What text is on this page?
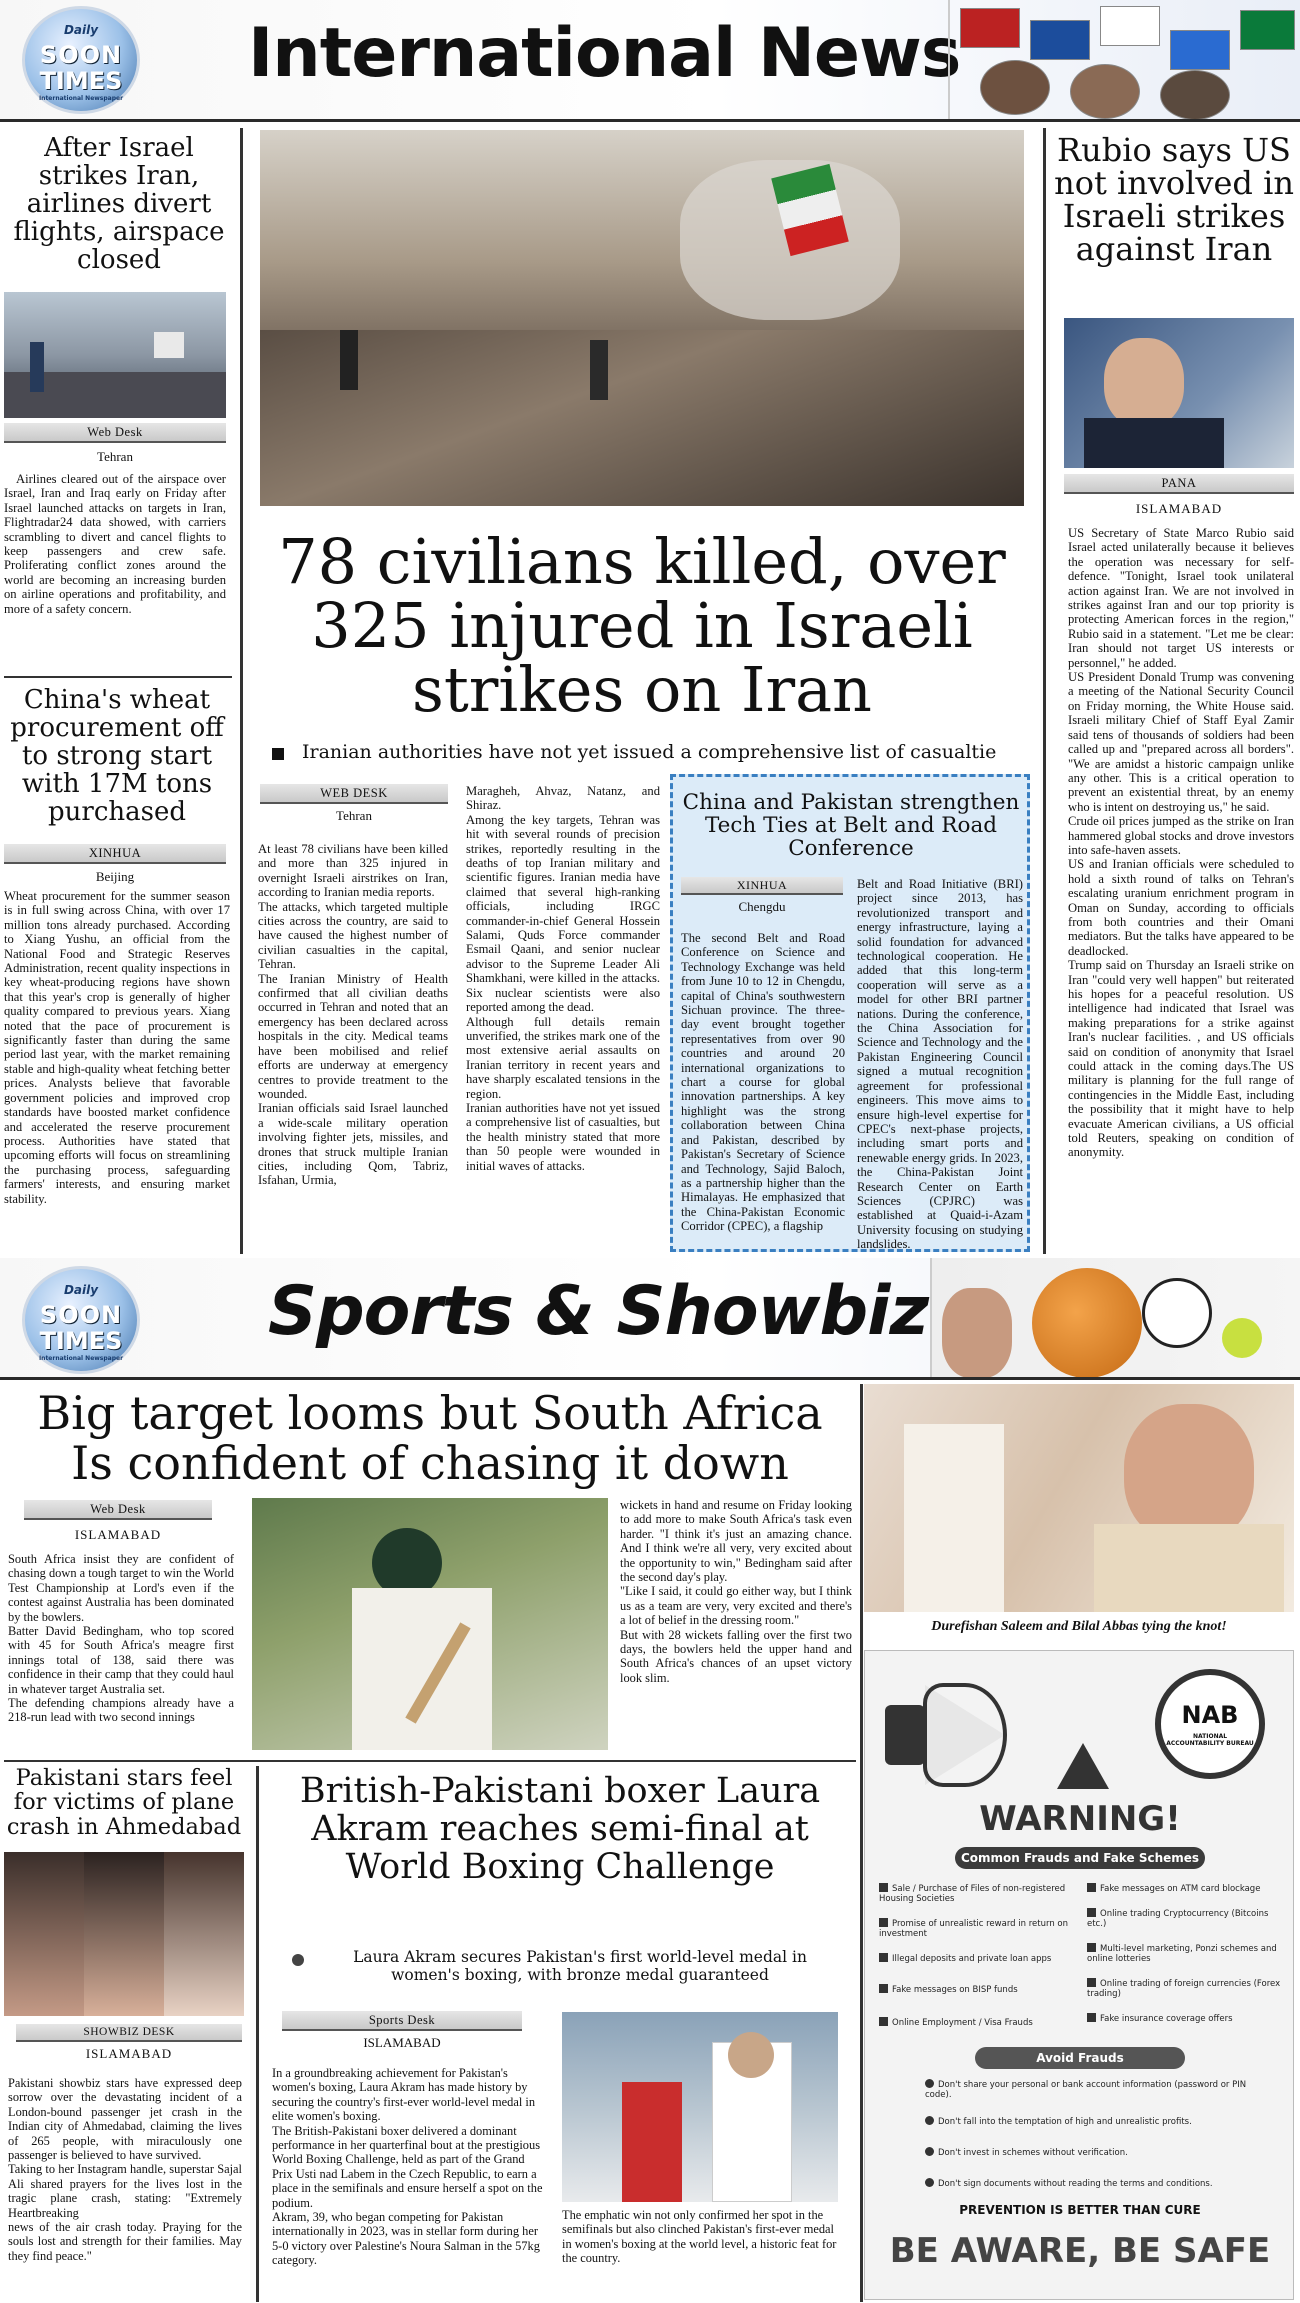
Daily
SOON
TIMES
International Newspaper
International News
After Israel strikes Iran, airlines divert flights, airspace closed
Web Desk
Tehran
Airlines cleared out of the airspace over Israel, Iran and Iraq early on Friday after Israel launched attacks on targets in Iran, Flightradar24 data showed, with carriers scrambling to divert and cancel flights to keep passengers and crew safe. Proliferating conflict zones around the world are becoming an increasing burden on airline operations and profitability, and more of a safety concern.
China's wheat procurement off to strong start with 17M tons purchased
XINHUA
Beijing
Wheat procurement for the summer season is in full swing across China, with over 17 million tons already purchased. According to Xiang Yushu, an official from the National Food and Strategic Reserves Administration, recent quality inspections in key wheat-producing regions have shown that this year's crop is generally of higher quality compared to previous years. Xiang noted that the pace of procurement is significantly faster than during the same period last year, with the market remaining stable and high-quality wheat fetching better prices. Analysts believe that favorable government policies and improved crop standards have boosted market confidence and accelerated the reserve procurement process. Authorities have stated that upcoming efforts will focus on streamlining the purchasing process, safeguarding farmers' interests, and ensuring market stability.
78 civilians killed, over 325 injured in Israeli strikes on Iran
Iranian authorities have not yet issued a comprehensive list of casualtie
WEB DESK
Tehran
At least 78 civilians have been killed and more than 325 injured in overnight Israeli airstrikes on Iran, according to Iranian media reports.
The attacks, which targeted multiple cities across the country, are said to have caused the highest number of civilian casualties in the capital, Tehran.
The Iranian Ministry of Health confirmed that all civilian deaths occurred in Tehran and noted that an emergency has been declared across hospitals in the city. Medical teams have been mobilised and relief efforts are underway at emergency centres to provide treatment to the wounded.
Iranian officials said Israel launched a wide-scale military operation involving fighter jets, missiles, and drones that struck multiple Iranian cities, including Qom, Tabriz, Isfahan, Urmia,
Maragheh, Ahvaz, Natanz, and Shiraz.
Among the key targets, Tehran was hit with several rounds of precision strikes, reportedly resulting in the deaths of top Iranian military and scientific figures. Iranian media have claimed that several high-ranking officials, including IRGC commander-in-chief General Hossein Salami, Quds Force commander Esmail Qaani, and senior nuclear advisor to the Supreme Leader Ali Shamkhani, were killed in the attacks. Six nuclear scientists were also reported among the dead.
Although full details remain unverified, the strikes mark one of the most extensive aerial assaults on Iranian territory in recent years and have sharply escalated tensions in the region.
Iranian authorities have not yet issued a comprehensive list of casualties, but the health ministry stated that more than 50 people were wounded in initial waves of attacks.
China and Pakistan strengthen Tech Ties at Belt and Road Conference
XINHUA
Chengdu
The second Belt and Road Conference on Science and Technology Exchange was held from June 10 to 12 in Chengdu, capital of China's southwestern Sichuan province. The three-day event brought together representatives from over 90 countries and around 20 international organizations to chart a course for global innovation partnerships. A key highlight was the strong collaboration between China and Pakistan, described by Pakistan's Secretary of Science and Technology, Sajid Baloch, as a partnership higher than the Himalayas. He emphasized that the China-Pakistan Economic Corridor (CPEC), a flagship
Belt and Road Initiative (BRI) project since 2013, has revolutionized transport and energy infrastructure, laying a solid foundation for advanced technological cooperation. He added that this long-term cooperation will serve as a model for other BRI partner nations. During the conference, the China Association for Science and Technology and the Pakistan Engineering Council signed a mutual recognition agreement for professional engineers. This move aims to ensure high-level expertise for CPEC's next-phase projects, including smart ports and renewable energy grids. In 2023, the China-Pakistan Joint Research Center on Earth Sciences (CPJRC) was established at Quaid-i-Azam University focusing on studying landslides.
Rubio says US not involved in Israeli strikes against Iran
PANA
ISLAMABAD
US Secretary of State Marco Rubio said Israel acted unilaterally because it believes the operation was necessary for self-defence. "Tonight, Israel took unilateral action against Iran. We are not involved in strikes against Iran and our top priority is protecting American forces in the region," Rubio said in a statement. "Let me be clear: Iran should not target US interests or personnel," he added.
US President Donald Trump was convening a meeting of the National Security Council on Friday morning, the White House said. Israeli military Chief of Staff Eyal Zamir said tens of thousands of soldiers had been called up and "prepared across all borders". "We are amidst a historic campaign unlike any other. This is a critical operation to prevent an existential threat, by an enemy who is intent on destroying us," he said.
Crude oil prices jumped as the strike on Iran hammered global stocks and drove investors into safe-haven assets.
US and Iranian officials were scheduled to hold a sixth round of talks on Tehran's escalating uranium enrichment program in Oman on Sunday, according to officials from both countries and their Omani mediators. But the talks have appeared to be deadlocked.
Trump said on Thursday an Israeli strike on Iran "could very well happen" but reiterated his hopes for a peaceful resolution. US intelligence had indicated that Israel was making preparations for a strike against Iran's nuclear facilities. , and US officials said on condition of anonymity that Israel could attack in the coming days.The US military is planning for the full range of contingencies in the Middle East, including the possibility that it might have to help evacuate American civilians, a US official told Reuters, speaking on condition of anonymity.
Daily
SOON
TIMES
International Newspaper
Sports & Showbiz
Big target looms but South Africa Is confident of chasing it down
Web Desk
ISLAMABAD
South Africa insist they are confident of chasing down a tough target to win the World Test Championship at Lord's even if the contest against Australia has been dominated by the bowlers.
Batter David Bedingham, who top scored with 45 for South Africa's meagre first innings total of 138, said there was confidence in their camp that they could haul in whatever target Australia set.
The defending champions already have a 218-run lead with two second innings
wickets in hand and resume on Friday looking to add more to make South Africa's task even harder. "I think it's just an amazing chance. And I think we're all very, very excited about the opportunity to win," Bedingham said after the second day's play.
"Like I said, it could go either way, but I think us as a team are very, very excited and there's a lot of belief in the dressing room."
But with 28 wickets falling over the first two days, the bowlers held the upper hand and South Africa's chances of an upset victory look slim.
Durefishan Saleem and Bilal Abbas tying the knot!
NAB
NATIONAL ACCOUNTABILITY BUREAU
WARNING!
Common Frauds and Fake Schemes
Sale / Purchase of Files of non-registered Housing Societies
Promise of unrealistic reward in return on investment
Illegal deposits and private loan apps
Fake messages on BISP funds
Online Employment / Visa Frauds
Fake messages on ATM card blockage
Online trading Cryptocurrency (Bitcoins etc.)
Multi-level marketing, Ponzi schemes and online lotteries
Online trading of foreign currencies (Forex trading)
Fake insurance coverage offers
Avoid Frauds
Don't share your personal or bank account information (password or PIN code).
Don't fall into the temptation of high and unrealistic profits.
Don't invest in schemes without verification.
Don't sign documents without reading the terms and conditions.
PREVENTION IS BETTER THAN CURE
BE AWARE, BE SAFE
Pakistani stars feel for victims of plane crash in Ahmedabad
SHOWBIZ DESK
ISLAMABAD
Pakistani showbiz stars have expressed deep sorrow over the devastating incident of a London-bound passenger jet crash in the Indian city of Ahmedabad, claiming the lives of 265 people, with miraculously one passenger is believed to have survived.
Taking to her Instagram handle, superstar Sajal Ali shared prayers for the lives lost in the tragic plane crash, stating: "Extremely Heartbreaking
news of the air crash today. Praying for the souls lost and strength for their families. May they find peace."
British-Pakistani boxer Laura Akram reaches semi-final at World Boxing Challenge
Laura Akram secures Pakistan's first world-level medal in women's boxing, with bronze medal guaranteed
Sports Desk
ISLAMABAD
In a groundbreaking achievement for Pakistan's women's boxing, Laura Akram has made history by securing the country's first-ever world-level medal in elite women's boxing.
The British-Pakistani boxer delivered a dominant performance in her quarterfinal bout at the prestigious World Boxing Challenge, held as part of the Grand Prix Usti nad Labem in the Czech Republic, to earn a place in the semifinals and ensure herself a spot on the podium.
Akram, 39, who began competing for Pakistan internationally in 2023, was in stellar form during her 5-0 victory over Palestine's Noura Salman in the 57kg category.
The emphatic win not only confirmed her spot in the semifinals but also clinched Pakistan's first-ever medal in women's boxing at the world level, a historic feat for the country.
